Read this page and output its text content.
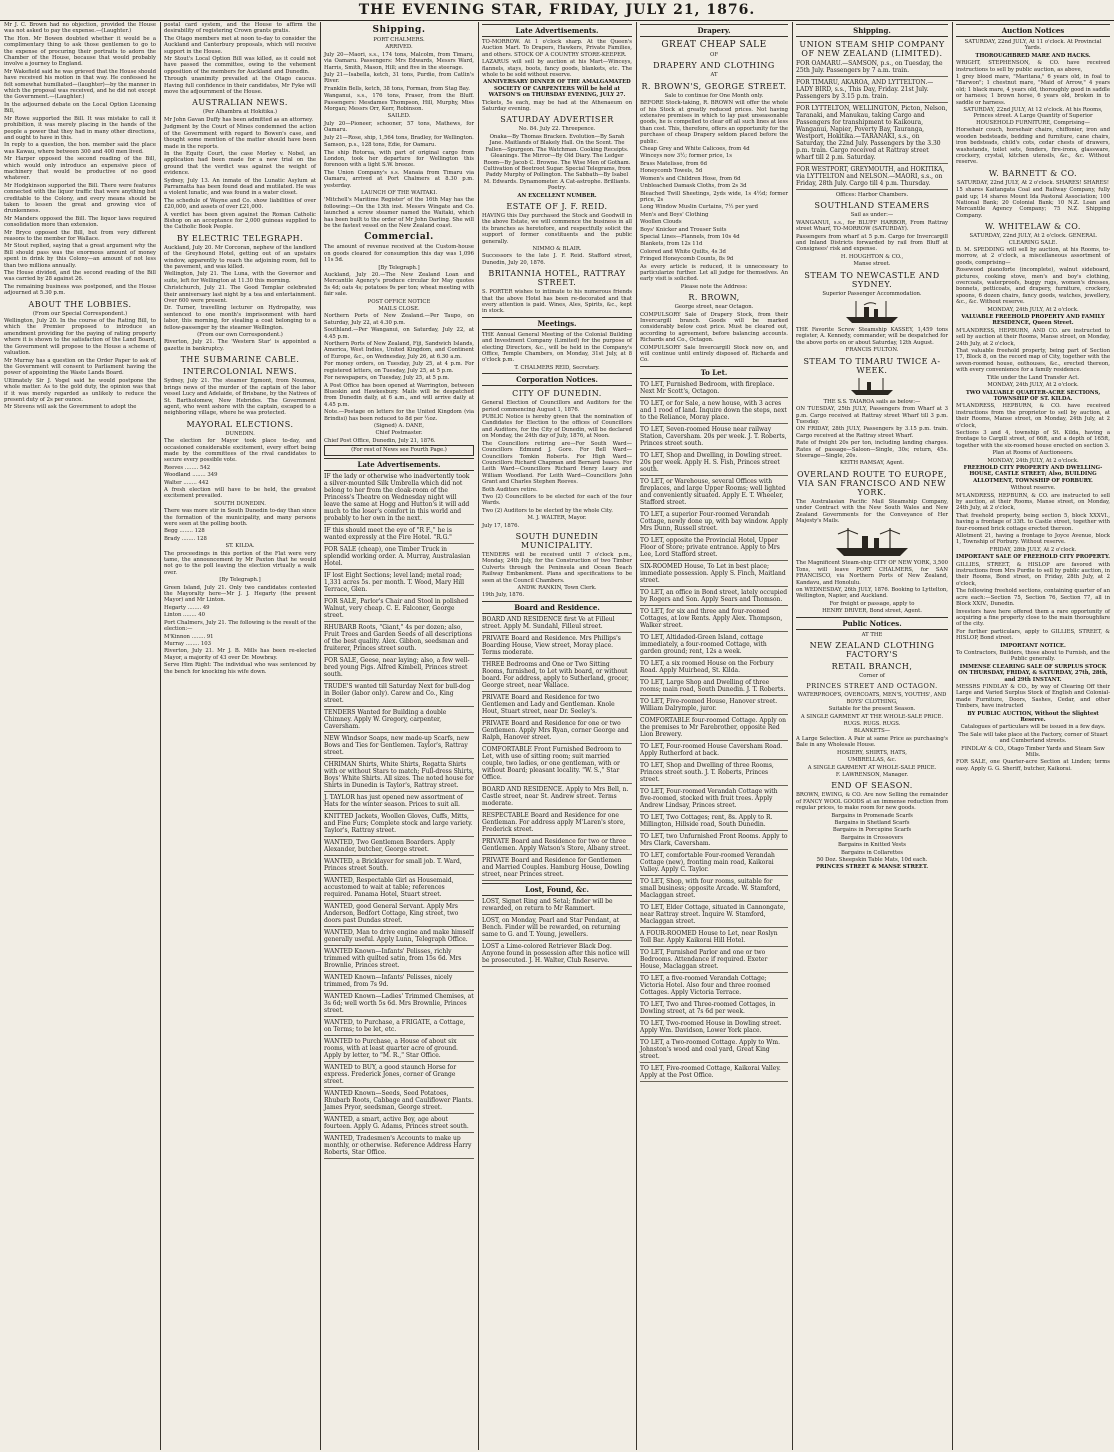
THE EVENING STAR, FRIDAY, JULY 21, 1876.

Mr J. C. Brown had no objection, provided the House was not asked to pay the expense.—(Laughter.)

The Hon. Mr Bowen doubted whether it would be a complimentary thing to ask those gentlemen to go to the expense of procuring their portraits to adorn the Chamber of the House, because that would probably involve a journey to England.

Mr Wakefield said he was grieved that the House should have received his motion in that way. He confessed he felt somewhat humiliated—(laughter)—by the manner in which the proposal was received, and he did not except the Government.—(Laughter.)

In the adjourned debate on the Local Option Licensing Bill,

Mr Rowe supported the Bill. It was mistake to call it prohibition, it was merely placing in the hands of the people a power that they had in many other directions, and ought to have in this.

In reply to a question, the hon. member said the place was Kawau, where between 300 and 400 men lived.

Mr Harper opposed the second reading of the Bill, which would only introduce an expensive piece of machinery that would be productive of no good whatever.

Mr Hodgkinson supported the Bill. There were features connected with the liquor traffic that were anything but creditable to the Colony, and every means should be taken to lessen the great and growing vice of drunkenness.

Mr Manders opposed the Bill. The liquor laws required consolidation more than extension.

Mr Bryce opposed the Bill, but from very different reasons to the member for Wallace.

Mr Stout replied, saying that a great argument why the Bill should pass was the enormous amount of money spent in drink by this Colony—an amount of not less than two millions annually.

The House divided, and the second reading of the Bill was carried by 28 against 26.

The remaining business was postponed, and the House adjourned at 5.30 p.m.

ABOUT THE LOBBIES.

(From our Special Correspondent.)

Wellington, July 20. In the course of the Rating Bill, to which the Premier proposed to introduce an amendment providing for the paying of rating property where it is shown to the satisfaction of the Land Board, the Government will propose to the House a scheme of valuation.

Mr Murray has a question on the Order Paper to ask of the Government will consent to Parliament having the power of appointing the Waste Lands Board.

Ultimately Sir J. Vogel said he would postpone the whole matter. As to the gold duty, the opinion was that if it was merely regarded as unlikely to reduce the present duty of 2s per ounce.

Mr Stevens will ask the Government to adopt the

postal card system, and the House to affirm the desirability of registering Crown grants gratis.

The Otago members met at noon to-day to consider the Auckland and Canterbury proposals, which will receive support in the House.

Mr Stout's Local Option Bill was killed, as it could not have passed the committee, owing to the vehement opposition of the members for Auckland and Dunedin.

Through unanimity prevailed at the Otago caucus. Having full confidence in their candidates, Mr Fyke will move the adjournment of the House.

AUSTRALIAN NEWS.

(Per Alhambra at Hokitika.)

Mr John Gavan Duffy has been admitted as an attorney.

Judgment by the Court of Mines condemned the action of the Government with regard to Bowen's case, and thought some mention of the matter should have been made in the reports.

In the Equity Court, the case Morley v. Nobel, an application had been made for a new trial on the ground that the verdict was against the weight of evidence.

Sydney, July 13. An inmate of the Lunatic Asylum at Parramatta has been found dead and mutilated. He was a violent lunatic, and was found in a water closet.

The schedule of Wayne and Co. show liabilities of over £20,000, and assets of over £21,000.

A verdict has been given against the Roman Catholic Bishop on an acceptance for 2,000 guineas supplied to the Catholic Book People.

BY ELECTRIC TELEGRAPH.

Auckland, July 20. Mr Corcoran, nephew of the landlord of the Greyhound Hotel, getting out of an upstairs window, apparently to reach the adjoining room, fell to the pavement, and was killed.

Wellington, July 21. The Luna, with the Governor and suite, left for Wellington at 11.30 this morning.

Christchurch, July 21. The Good Templar celebrated their anniversary last night by a tea and entertainment. Over 600 were present.

Dr. Turner, travelling lecturer on Hydropathy, was sentenced to one month's imprisonment with hard labor, this morning, for stealing a coat belonging to a fellow-passenger by the steamer Wellington.

(From our own Correspondent.)

Riverton, July 21. The 'Western Star' is appointed a gazette in bankruptcy.

THE SUBMARINE CABLE.
INTERCOLONIAL NEWS.

Sydney, July 21. The steamer Egmont, from Noumea, brings news of the murder of the captain of the labor vessel Lucy and Adelaide, of Brisbane, by the Natives of St. Bartholomew, New Hebrides. The Government agent, who went ashore with the captain, escaped to a neighboring village, where he was protected.

MAYORAL ELECTIONS.

DUNEDIN.

The election for Mayor took place to-day, and occasioned considerable excitement, every effort being made by the committees of the rival candidates to secure every possible vote.

Reeves ........ 542
Woodland ........ 349
Walter ........ 442

A fresh election will have to be held, the greatest excitement prevailed.

SOUTH DUNEDIN.

There was more stir in South Dunedin to-day than since the formation of the municipality, and many persons were seen at the polling booth.

Begg ........ 128
Brady ........ 128

ST. KILDA.

The proceedings in this portion of the Flat were very tame, the announcement by Mr Paxton that he would not go to the poll leaving the election virtually a walk over.

[By Telegraph.]

Green Island, July 21. Only two candidates contested the Mayoralty here—Mr J. J. Hegarty (the present Mayor) and Mr Linton.

Hegarty ........ 49
Linton ........ 40

Port Chalmers, July 21. The following is the result of the election:—

M'Kinnon ........ 91
Murray ........ 103

Riverton, July 21. Mr J. B. Mills has been re-elected Mayor, a majority of 43 over Dr. Mowbray.

Serve Him Right: The individual who was sentenced by the bench for knocking his wife down.

Shipping.

PORT CHALMERS.

ARRIVED.

July 20—Maori, s.s., 174 tons, Malcolm, from Timaru, via Oamaru. Passengers: Mrs Edwards, Messrs Ward, Harris, Smith, Mason, Hill; and five in the steerage.

July 21—Isabella, ketch, 31 tons, Purdie, from Catlin's River.

Franklin Bells, ketch, 38 tons, Forman, from Stag Bay.

Wanganui, s.s., 176 tons, Fraser, from the Bluff. Passengers: Mesdames Thompson, Hill, Murphy, Miss Morgan; Messrs Orr, Kerr, Robinson.

SAILED.

July 20—Pioneer, schooner, 57 tons, Mathews, for Oamaru.

July 21—Rose, ship, 1,564 tons, Bradley, for Wellington.

Samson, p.s., 128 tons, Edie, for Oamaru.

The ship Rotorua, with part of original cargo from London, took her departure for Wellington this forenoon with a light S.W. breeze.

The Union Company's s.s. Manaia from Timaru via Oamaru, arrived at Port Chalmers at 8.30 p.m. yesterday.

LAUNCH OF THE WAITAKI.

'Mitchell's Maritime Register' of the 16th May has the following:—On the 13th inst. Messrs Wingate and Co. launched a screw steamer named the Waitaki, which has been built to the order of Mr John Darling. She will be the fastest vessel on the New Zealand coast.

Commercial.

The amount of revenue received at the Custom-house on goods cleared for consumption this day was 1,096 11s 5d.

[By Telegraph.]

Auckland, July 20.—The New Zealand Loan and Mercantile Agency's produce circular for May quotes 5s 4d; oats 4s; potatoes 9s per ton; wheat meeting with fair sale.

POST OFFICE NOTICE

MAILS CLOSE.

Northern Ports of New Zealand.—Per Taupo, on Saturday, July 22, at 4.30 p.m.

Southland.—Per Wanganui, on Saturday, July 22, at 4.45 p.m.

Northern Ports of New Zealand, Fiji, Sandwich Islands, America, West Indies, United Kingdom, and Continent of Europe, &c., on Wednesday, July 26, at 6.30 a.m.

For money orders, on Tuesday, July 25, at 4 p.m. For registered letters, on Tuesday, July 25, at 5 p.m.

For newspapers, on Tuesday, July 25, at 5 p.m.

A Post Office has been opened at Warrington, between Blueskin and Hawkesbury. Mails will be despatched from Dunedin daily, at 6 a.m., and will arrive daily at 4.45 p.m.

Note.—Postage on letters for the United Kingdom (via Brindisi) has been reduced to 8d per ½oz.

(Signed) A. DANE,

Chief Postmaster.

Chief Post Office, Dunedin, July 21, 1876.

(For rest of News see Fourth Page.)

Late Advertisements.

IF the lady or otherwise who inadvertently took a silver-mounted Silk Umbrella which did not belong to her from the cloak-room of the Princess's Theatre on Wednesday night will leave the same at Hogg and Hutton's it will add much to the loser's comfort in this world and probably to her own in the next.

IF this should meet the eye of "R F.," he is wanted expressly at the Fire Hotel. "R.G."

FOR SALE (cheap), one Timber Truck in splendid working order. A. Murray, Australasian Hotel.

IF lost Eight Sections; level land; metal road; 1,331 acres 5s. per month. T. Wood, Mary Hill Terrace, Glen.

FOR SALE, Parlor's Chair and Stool in polished Walnut, very cheap. C. E. Falconer, George street.

RHUBARB Roots, "Giant," 4s per dozen; also, Fruit Trees and Garden Seeds of all descriptions of the best quality. Alex. Gibbon, seedsman and fruiterer, Princes street south.

FOR SALE, Geese, near laying; also, a few well-bred young Pigs. Alfred Kimbell, Princes street south.

TRUDE'S wanted till Saturday Next for bull-dog in Boiler (labor only). Carew and Co., King street.

TENDERS Wanted for Building a double Chimney. Apply W. Gregory, carpenter, Caversham.

NEW Windsor Soaps, new made-up Scarfs, new Bows and Ties for Gentlemen. Taylor's, Rattray street.

CHRIMAN Shirts, White Shirts, Regatta Shirts with or without Stars to match; Full-dress Shirts, Boys' White Shirts. All sizes. The noted house for Shirts in Dunedin is Taylor's, Rattray street.

J. TAYLOR has just opened new assortment of Hats for the winter season. Prices to suit all.

KNITTED Jackets, Woollen Gloves, Cuffs, Mitts, and Fine Furs; Complete stock and large variety. Taylor's, Rattray street.

WANTED, Two Gentlemen Boarders. Apply Alexander, butcher, George street.

WANTED, a Bricklayer for small job. T. Ward, Princes street South.

WANTED, Respectable Girl as Housemaid, accustomed to wait at table; references required. Panama Hotel, Stuart street.

WANTED, good General Servant. Apply Mrs Anderson, Bedfort Cottage, King street, two doors past Dundas street.

WANTED, Man to drive engine and make himself generally useful. Apply Lunn, Telegraph Office.

WANTED Known—Infants' Pelisses, richly trimmed with quilted satin, from 15s 6d. Mrs Brownlie, Princes street.

WANTED Known—Infants' Pelisses, nicely trimmed, from 7s 9d.

WANTED Known—Ladies' Trimmed Chemises, at 3s 6d; well worth 5s 6d. Mrs Brownlie, Princes street.

WANTED, to Purchase, a FRIGATE, a Cottage, on Terms; to be let, etc.

WANTED to Purchase, a House of about six rooms, with at least quarter acre of ground. Apply by letter, to "M. R.," Star Office.

WANTED to BUY, a good staunch Horse for express. Frederick Jones, corner of Grange street.

WANTED Known—Seeds, Seed Potatoes, Rhubarb Roots, Cabbage and Cauliflower Plants. James Pryor, seedsman, George street.

WANTED, a smart, active Boy, age about fourteen. Apply G. Adams, Princes street south.

WANTED, Tradesmen's Accounts to make up monthly, or otherwise. Reference Address Harry Roberts, Star Office.

Late Advertisements.

TO-MORROW. At 1 o'clock sharp. At the Queen's Auction Mart. To Drapers, Hawkers, Private Families, and others. STOCK OF A COUNTRY STORE-KEEPER.

LAZARUS will sell by auction at his Mart—Winceys, flannels, stays, boots, fancy goods, blankets, etc. The whole to be sold without reserve.

ANNIVERSARY DINNER OF THE AMALGAMATED SOCIETY OF CARPENTERS Will be held at WATSON'S on THURSDAY EVENING, JULY 27.

Tickets, 5s each, may be had at the Athenaeum on Saturday evening.

SATURDAY ADVERTISER

No. 84. July 22. Threepence.

Onaka—By Thomas Bracken. Evolution—By Sarah Jane. Maitlands of Blakely Hall. On the Scent. The Fallen—Spurgeon. The Watchman. Cooking Receipts. Gleanings. The Mirror—By Old Diary. The Ledger Room—By Jacob C. Browne. The Wise Men of Gotham. Cultivation of Beetroot Sugar. Special Telegrams, from Paddy Murphy of Pollington. The Sabbath—By Isabel M. Edwards. Dynamometer. A Cat-astrophe. Brilliants. Poetry.

AN EXCELLENT NUMBER.

ESTATE OF J. F. REID.

HAVING this Day purchased the Stock and Goodwill in the above Estate, we will commence the business in all its branches as heretofore, and respectfully solicit the support of former constituents and the public generally.

NIMMO & BLAIR.

Successors to the late J. F. Reid. Stafford street, Dunedin, July 20, 1876.

BRITANNIA HOTEL, RATTRAY STREET.

S. PORTER wishes to intimate to his numerous friends that the above Hotel has been re-decorated and that every attention is paid. Wines, Ales, Spirits, &c., kept in stock.

Meetings.

THE Annual General Meeting of the Colonial Building and Investment Company (Limited) for the purpose of electing Directors, &c., will be held in the Company's Office, Temple Chambers, on Monday, 31st July, at 8 o'clock p.m.

T. CHALMERS REID, Secretary.

Corporation Notices.
CITY OF DUNEDIN.

General Election of Councillors and Auditors for the period commencing August 1, 1876.

PUBLIC Notice is hereby given that the nomination of Candidates for Election to the offices of Councillors and Auditors, for the City of Dunedin, will be declared on Monday, the 24th day of July, 1876, at Noon.

The Councillors retiring are—For South Ward—Councillors Edmund J. Gore. For Bell Ward—Councillors Tomkin Roberts. For High Ward—Councillors Richard Chapman and Bernard Isaacs. For Leith Ward—Councillors Richard Henry Leary and William Woodland. For Leith Ward—Councillors John Grant and Charles Stephen Reeves.

Both Auditors retire.

Two (2) Councillors to be elected for each of the four Wards.

Two (2) Auditors to be elected by the whole City.

M. J. WALTER, Mayor.

July 17, 1876.

SOUTH DUNEDIN MUNICIPALITY.

TENDERS will be received until 7 o'clock p.m., Monday, 24th July, for the Construction of two Timber Culverts through the Peninsula and Ocean Beach Railway Embankment. Plans and specifications to be seen at the Council Chambers.

ANDW. RANKIN, Town Clerk.

19th July, 1876.

Board and Residence.

BOARD AND RESIDENCE first Ve at Filleul street. Apply M. Sundahl, Filleul street.

PRIVATE Board and Residence. Mrs Phillips's Boarding House, View street, Moray place. Terms moderate.

THREE Bedrooms and One or Two Sitting Rooms, furnished, to Let with board, or without board. For address, apply to Sutherland, grocer, George street, near Wallace.

PRIVATE Board and Residence for two Gentlemen and Lady and Gentleman. Knole Hout, Stuart street, near Dr. Seeley's.

PRIVATE Board and Residence for one or two Gentlemen. Apply Mrs Ryan, corner George and Ralph, Hanover street.

COMFORTABLE Front Furnished Bedroom to Let, with use of sitting room; suit married couple, two ladies, or one gentleman, with or without Board; pleasant locality. "W. S.," Star Office.

BOARD AND RESIDENCE. Apply to Mrs Bell, n. Castle street, near St. Andrew street. Terms moderate.

RESPECTABLE Board and Residence for one Gentleman. For address apply M'Laren's store, Frederick street.

PRIVATE Board and Residence for two or three Gentlemen. Apply Watson's Store, Albany street.

PRIVATE Board and Residence for Gentlemen and Married Couples. Hamburg House, Dowling street, near Princes street.

Lost, Found, &c.

LOST, Signet Ring and Setal; finder will be rewarded, on return to Mr Rammert.

LOST, on Monday, Pearl and Star Pendant, at Bench. Finder will be rewarded, on returning same to G. and T. Young, jewellers.

LOST a Lime-colored Retriever Black Dog. Anyone found in possession after this notice will be prosecuted. J. H. Walter, Club Reserve.

Drapery.
GREAT CHEAP SALE

OF

DRAPERY AND CLOTHING

AT

R. BROWN'S, GEORGE STREET.

Sale to continue for One Month only.

BEFORE Stock-taking, R. BROWN will offer the whole of his Stock at greatly reduced prices. Not having extensive premises in which to lay past unseasonable goods, he is compelled to clear off all such lines at less than cost. This, therefore, offers an opportunity for the purchase of cheap Drapery seldom placed before the public.

Cheap Grey and White Calicoes, from 4d

Winceys now 3½; former price, 1s

Brass Matelisse, from 6d

Honeycomb Towels, 5d

Women's and Children Hose, from 6d

Unbleached Damask Cloths, from 2s 3d

Bleached Twill Sheetings, 2yds wide, 1s 4½d; former price, 2s

Long Window Muslin Curtains, 7½ per yard

Men's and Boys' Clothing

Woollen Clouds

Boys' Knicker and Trouser Suits

Special Lines—Flannels, from 10s 4d

Blankets, from 12s 11d

Colored and White Quilts, 4s 3d

Fringed Honeycomb Counts, 8s 9d

As every article is reduced, it is unnecessary to particularize further. Let all judge for themselves. An early visit is solicited.

Please note the Address:

R. BROWN,

George street, near Octagon.

COMPULSORY Sale of Drapery Stock, from their Invercargill branch. Goods will be marked considerably below cost price. Must be cleared out, according to agreement, before balancing accounts. Richards and Co., Octagon.

COMPULSORY Sale Invercargill Stock now on, and will continue until entirely disposed of. Richards and Co.

To Let.

TO LET, Furnished Bedroom, with fireplace. Next Mr Scott's, Octagon.

TO LET, or for Sale, a new house, with 3 acres and 1 rood of land. Inquire down the steps, next to the Reliance, Moray place.

TO LET, Seven-roomed House near railway Station, Caversham. 20s per week. J. T. Roberts, Princes street south.

TO LET, Shop and Dwelling, in Dowling street. 20s per week. Apply H. S. Fish, Princes street south.

TO LET, or Warehouse, several Offices with fireplaces, and large Upper Rooms; well lighted and conveniently situated. Apply E. T. Wheeler, Stafford street.

TO LET, a superior Four-roomed Verandah Cottage, newly done up, with bay window. Apply Mrs Dunn, Russell street.

TO LET, opposite the Provincial Hotel, Upper Floor of Store; private entrance. Apply to Mrs Lee, Lord Stafford street.

SIX-ROOMED House, To Let in best place; immediate possession. Apply S. Finch, Maitland street.

TO LET, an office in Bond street, lately occupied by Rogers and Son. Apply Sears and Thomson.

TO LET, for six and three and four-roomed Cottages, at low Rents. Apply Alex. Thompson, Walker street.

TO LET, Altidaded-Green Island, cottage immediately, a four-roomed Cottage, with garden ground; rent, 12s a week.

TO LET, a six roomed House on the Forbury Road. Apply Muirhead, St. Kilda.

TO LET, Large Shop and Dwelling of three rooms; main road, South Dunedin. J. T. Roberts.

TO LET, Five-roomed House, Hanover street. William Dalrymple, juror.

COMFORTABLE four-roomed Cottage. Apply on the premises to Mr Farebrother, opposite Red Lion Brewery.

TO LET, Four-roomed House Caversham Road. Apply Rutherford at back.

TO LET, Shop and Dwelling of three Rooms, Princes street south. J. T. Roberts, Princes street.

TO LET, Four-roomed Verandah Cottage with five-roomed, stocked with fruit trees. Apply Andrew Lindsay, Princes street.

TO LET, Two Cottages; rent, 8s. Apply to R. Millington, Hillside road, South Dunedin.

TO LET, two Unfurnished Front Rooms. Apply to Mrs Clark, Caversham.

TO LET, comfortable Four-roomed Verandah Cottage (new), fronting main road, Kaikorai Valley. Apply C. Taylor.

TO LET, Shop, with four rooms, suitable for small business; opposite Arcade. W. Stamford, Maclaggan street.

TO LET, Elder Cottage, situated in Cannongate, near Rattray street. Inquire W. Stamford, Maclaggan street.

A FOUR-ROOMED House to Let, near Roslyn Toll Bar. Apply Kaikorai Hill Hotel.

TO LET, Furnished Parlor and one or two Bedrooms. Attendance if required. Exeter House, Maclaggan street.

TO LET, a five-roomed Verandah Cottage; Victoria Hotel. Also four and three roomed Cottages. Apply Victoria Terrace.

TO LET, Two and Three-roomed Cottages, in Dowling street, at 7s 6d per week.

TO LET, Two-roomed House in Dowling street. Apply Wm. Davidson, Lower York place.

TO LET, a Two-roomed Cottage. Apply to Wm. Johnston's wood and coal yard, Great King street.

TO LET, Five-roomed Cottage, Kaikorai Valley. Apply at the Post Office.

Shipping.
UNION STEAM SHIP COMPANY OF NEW ZEALAND (LIMITED).

FOR OAMARU.—SAMSON, p.s., on Tuesday, the 25th July. Passengers by 7 a.m. train.

FOR TIMARU, AKAROA, AND LYTTELTON.—LADY BIRD, s.s., This Day, Friday. 21st July. Passengers by 3.15 p.m. train.

FOR LYTTELTON, WELLINGTON, Picton, Nelson, Taranaki, and Manukau, taking Cargo and Passengers for transhipment to Kaikoura, Wanganui, Napier, Poverty Bay, Tauranga, Westport, Hokitika.—TARANAKI, s.s., on Saturday, the 22nd July. Passengers by the 3.30 p.m. train. Cargo received at Rattray street wharf till 2 p.m. Saturday.

FOR WESTPORT, GREYMOUTH, and HOKITIKA, via LYTTELTON and NELSON.—MAORI, s.s., on Friday, 28th July. Cargo till 4 p.m. Thursday.

Offices: Harbor Chambers.

SOUTHLAND STEAMERS

Sail as under:—

WANGANUI, s.s., for BLUFF HARBOR, From Rattray street Wharf, TO-MORROW (SATURDAY).

Passengers from wharf at 5 p.m. Cargo for Invercargill and Inland Districts forwarded by rail from Bluff at Consignees' risk and expense.

H. HOUGHTON & CO.,

Manse street.

STEAM TO NEWCASTLE AND SYDNEY.

Superior Passenger Accommodation.

THE Favorite Screw Steamship KASSEY, 1,459 tons register, A. Kennedy, commander, will be despatched for the above ports on or about Saturday, 12th August.

FRANCIS FULTON.

STEAM TO TIMARU TWICE A-WEEK.

THE S.S. TAIAROA sails as below:—

ON TUESDAY, 25th JULY, Passengers from Wharf at 3 p.m. Cargo received at Rattray street Wharf till 3 p.m. Tuesday.

ON FRIDAY, 28th JULY, Passengers by 3.15 p.m. train. Cargo received at the Rattray street Wharf.

Rate of freight 20s per ton, including landing charges. Rates of passage—Saloon—Single, 30s; return, 45s. Steerage—Single, 20s.

KEITH RAMSAY, Agent.

OVERLAND ROUTE TO EUROPE, VIA SAN FRANCISCO AND NEW YORK.

The Australasian Pacific Mail Steamship Company, under Contract with the New South Wales and New Zealand Governments for the Conveyance of Her Majesty's Mails.

The Magnificent Steam-ship CITY OF NEW YORK, 3,500 Tons, will leave PORT CHALMERS, for SAN FRANCISCO, via Northern Ports of New Zealand, Kandavu, and Honolulu.

on WEDNESDAY, 26th JULY, 1876. Booking to Lyttelton, Wellington, Napier, and Auckland.

For freight or passage, apply to

HENRY DRIVER, Bond street, Agent.

Public Notices.

AT THE

NEW ZEALAND CLOTHING FACTORY'S
RETAIL BRANCH,

Corner of

PRINCES STREET AND OCTAGON.

WATERPROOFS, OVERCOATS, MEN'S, YOUTHS', AND BOYS' CLOTHING,

Suitable for the present Season.

A SINGLE GARMENT AT THE WHOLE-SALE PRICE.

RUGS. RUGS. RUGS.

BLANKETS—

A Large Selection. A Pair at same Price as purchasing's Bale in any Wholesale House.

HOSIERY, SHIRTS, HATS,

UMBRELLAS, &c.

A SINGLE GARMENT AT WHOLE-SALE PRICE.

F. LAWRENSON, Manager.

END OF SEASON.

BROWN, EWING, & CO. Are now Selling the remainder of FANCY WOOL GOODS at an immense reduction from regular prices, to make room for new goods.

Bargains in Promenade Scarfs

Bargains in Shetland Scarfs

Bargains in Porcupine Scarfs

Bargains in Crossovers

Bargains in Knitted Vests

Bargains in Collarettes

50 Doz. Sheepskin Table Mats, 10d each.

PRINCES STREET & MANSE STREET.

Auction Notices

SATURDAY, 22nd JULY, At 11 o'clock. At Provincial Yards.

THOROUGHBRED MARE AND HACKS.

WRIGHT, STEPHENSON, & CO. have received instructions to sell by public auction, as above,

1 grey blood mare, "Maritana," 6 years old, in foal to "Barwon"; 1 chestnut mare, "Maid of Arrow," 4 years old; 1 black mare, 4 years old, thoroughly good in saddle or harness; 1 brown horse, 6 years old, broken in to saddle or harness.

SATURDAY, 22nd JULY, At 12 o'clock. At his Rooms, Princes street. A Large Quantity of Superior HOUSEHOLD FURNITURE, Comprising—

Horsehair couch, horsehair chairs, chiffonier, iron and wooden bedsteads, bedding and furniture, cane chairs, iron bedsteads, child's cots, cedar chests of drawers, washstands, toilet sets, fenders, fire-irons, glassware, crockery, crystal, kitchen utensils, &c., &c. Without reserve.

W. BARNETT & CO.

SATURDAY, 22nd JULY, At 2 o'clock. SHARES! SHARES!

15 shares Kaitangata Coal and Railway Company, fully paid up; 14 shares Mount Ida Pastoral Association; 100 National Bank; 20 Colonial Bank; 10 N.Z. Loan and Mercantile Agency Company; 75 N.Z. Shipping Company.

W. WHITELAW & CO.

SATURDAY, 22nd JULY, At 2 o'clock. GENERAL CLEARING SALE.

D. M. SPEDDING will sell by auction, at his Rooms, to-morrow, at 2 o'clock, a miscellaneous assortment of goods, comprising—

Rosewood pianoforte (incomplete), walnut sideboard, pictures, cooking stove, men's and boy's clothing, overcoats, waterproofs, buggy rugs, women's dresses, bonnets, petticoats, and drapery, furniture, crockery, spoons, 6 dozen chairs, fancy goods, watches, jewellery, &c., &c. Without reserve.

MONDAY, 24th JULY, At 2 o'clock.

VALUABLE FREEHOLD PROPERTY AND FAMILY RESIDENCE, Queen Street.

M'LANDRESS, HEPBURN, AND CO. are instructed to sell by auction at their Rooms, Manse street, on Monday, 24th July, at 2 o'clock,

That valuable freehold property, being part of Section 17, Block 8, on the record map of City, together with the seven-roomed house, outhouses, &c., erected thereon, with every convenience for a family residence.

Title under the Land Transfer Act.

MONDAY, 24th JULY, At 2 o'clock.

TWO VALUABLE QUARTER-ACRE SECTIONS, TOWNSHIP OF ST. KILDA.

M'LANDRESS, HEPBURN, & CO. have received instructions from the proprietor to sell by auction, at their Rooms, Manse street, on Monday, 24th July, at 2 o'clock,

Sections 3 and 4, township of St. Kilda, having a frontage to Cargill street, of 66ft, and a depth of 165ft, together with the six-roomed house erected on section 3.

Plan at Rooms of Auctioneers.

MONDAY, 24th JULY, At 2 o'clock.

FREEHOLD CITY PROPERTY AND DWELLING-HOUSE, CASTLE STREET; Also, BUILDING ALLOTMENT, TOWNSHIP OF FORBURY.

Without reserve.

M'LANDRESS, HEPBURN, & CO. are instructed to sell by auction, at their Rooms, Manse street, on Monday, 24th July, at 2 o'clock,

That freehold property, being section 5, block XXXVI., having a frontage of 33ft. to Castle street, together with four-roomed brick cottage erected thereon.

Allotment 21, having a frontage to Joyce Avenue, block 1, Township of Forbury. Without reserve.

FRIDAY, 28th JULY, At 2 o'clock.

IMPORTANT SALE OF FREEHOLD CITY PROPERTY.

GILLIES, STREET, & HISLOP are favored with instructions from Mrs Purdie to sell by public auction, in their Rooms, Bond street, on Friday, 28th July, at 2 o'clock,

The following freehold sections, containing quarter of an acre each:—Section 75, Section 76, Section 77, all in Block XXIV., Dunedin.

Investors have here offered them a rare opportunity of acquiring a fine property close to the main thoroughfare of the city.

For further particulars, apply to GILLIES, STREET, & HISLOP, Bond street.

IMPORTANT NOTICE.

To Contractors, Builders, those about to Furnish, and the Public generally.

IMMENSE CLEARING SALE OF SURPLUS STOCK ON THURSDAY, FRIDAY, & SATURDAY, 27th, 28th, and 29th INSTANT.

MESSRS FINDLAY & CO., by way of Clearing Off their Large and Varied Surplus Stock of English and Colonial-made Furniture, Doors, Sashes, Cedar, and other Timbers, have instructed

BY PUBLIC AUCTION, Without the Slightest Reserve.

Catalogues of particulars will be issued in a few days.

The Sale will take place at the Factory, corner of Stuart and Cumberland streets.

FINDLAY & CO., Otago Timber Yards and Steam Saw Mills.

FOR SALE, one Quarter-acre Section at Linden; terms easy. Apply G. G. Sheriff, butcher, Kaikorai.
